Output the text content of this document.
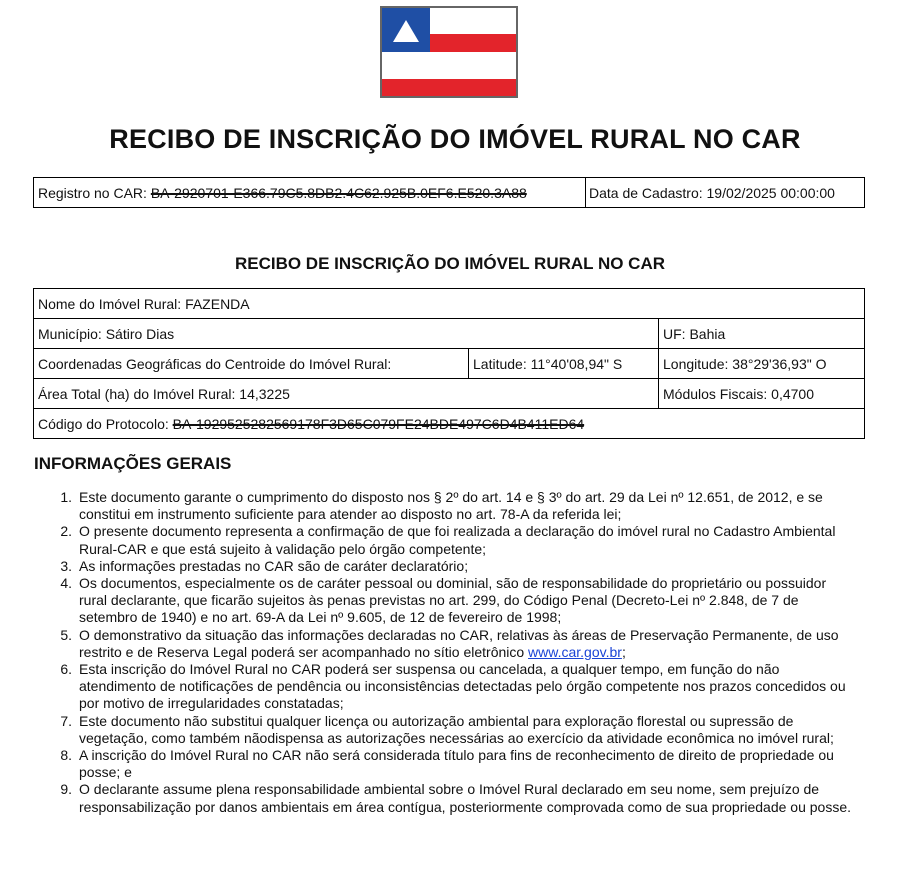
RECIBO DE INSCRIÇÃO DO IMÓVEL RURAL NO CAR
Registro no CAR:
BA-2920701-E366.79C5.8DB2.4C62.925B.0EF6.E520.3A88	Data de Cadastro:
19/02/2025 00:00:00
RECIBO DE INSCRIÇÃO DO IMÓVEL RURAL NO CAR
Nome do Imóvel Rural:
FAZENDA
Município:
Sátiro Dias	UF:
Bahia
Coordenadas Geográficas do Centroide do Imóvel Rural:	Latitude:
11°40'08,94" S	Longitude:
38°29'36,93" O
Área Total (ha) do Imóvel Rural:
14,3225	Módulos Fiscais:
0,4700
Código do Protocolo:
BA-1929525282569178F3D65C079FE24BDE497C6D4B411ED64
INFORMAÇÕES GERAIS
1. Este documento garante o cumprimento do disposto nos § 2º do art. 14 e § 3º do art. 29 da Lei nº 12.651, de 2012, e se constitui em instrumento suficiente para atender ao disposto no art. 78-A da referida lei;
2. O presente documento representa a confirmação de que foi realizada a declaração do imóvel rural no Cadastro Ambiental Rural-CAR e que está sujeito à validação pelo órgão competente;
3. As informações prestadas no CAR são de caráter declaratório;
4. Os documentos, especialmente os de caráter pessoal ou dominial, são de responsabilidade do proprietário ou possuidor rural declarante, que ficarão sujeitos às penas previstas no art. 299, do Código Penal (Decreto-Lei nº 2.848, de 7 de setembro de 1940) e no art. 69-A da Lei nº 9.605, de 12 de fevereiro de 1998;
5. O demonstrativo da situação das informações declaradas no CAR, relativas às áreas de Preservação Permanente, de uso restrito e de Reserva Legal poderá ser acompanhado no sítio eletrônico www.car.gov.br;
6. Esta inscrição do Imóvel Rural no CAR poderá ser suspensa ou cancelada, a qualquer tempo, em função do não atendimento de notificações de pendência ou inconsistências detectadas pelo órgão competente nos prazos concedidos ou por motivo de irregularidades constatadas;
7. Este documento não substitui qualquer licença ou autorização ambiental para exploração florestal ou supressão de vegetação, como também nãodispensa as autorizações necessárias ao exercício da atividade econômica no imóvel rural;
8. A inscrição do Imóvel Rural no CAR não será considerada título para fins de reconhecimento de direito de propriedade ou posse; e
9. O declarante assume plena responsabilidade ambiental sobre o Imóvel Rural declarado em seu nome, sem prejuízo de responsabilização por danos ambientais em área contígua, posteriormente comprovada como de sua propriedade ou posse.
